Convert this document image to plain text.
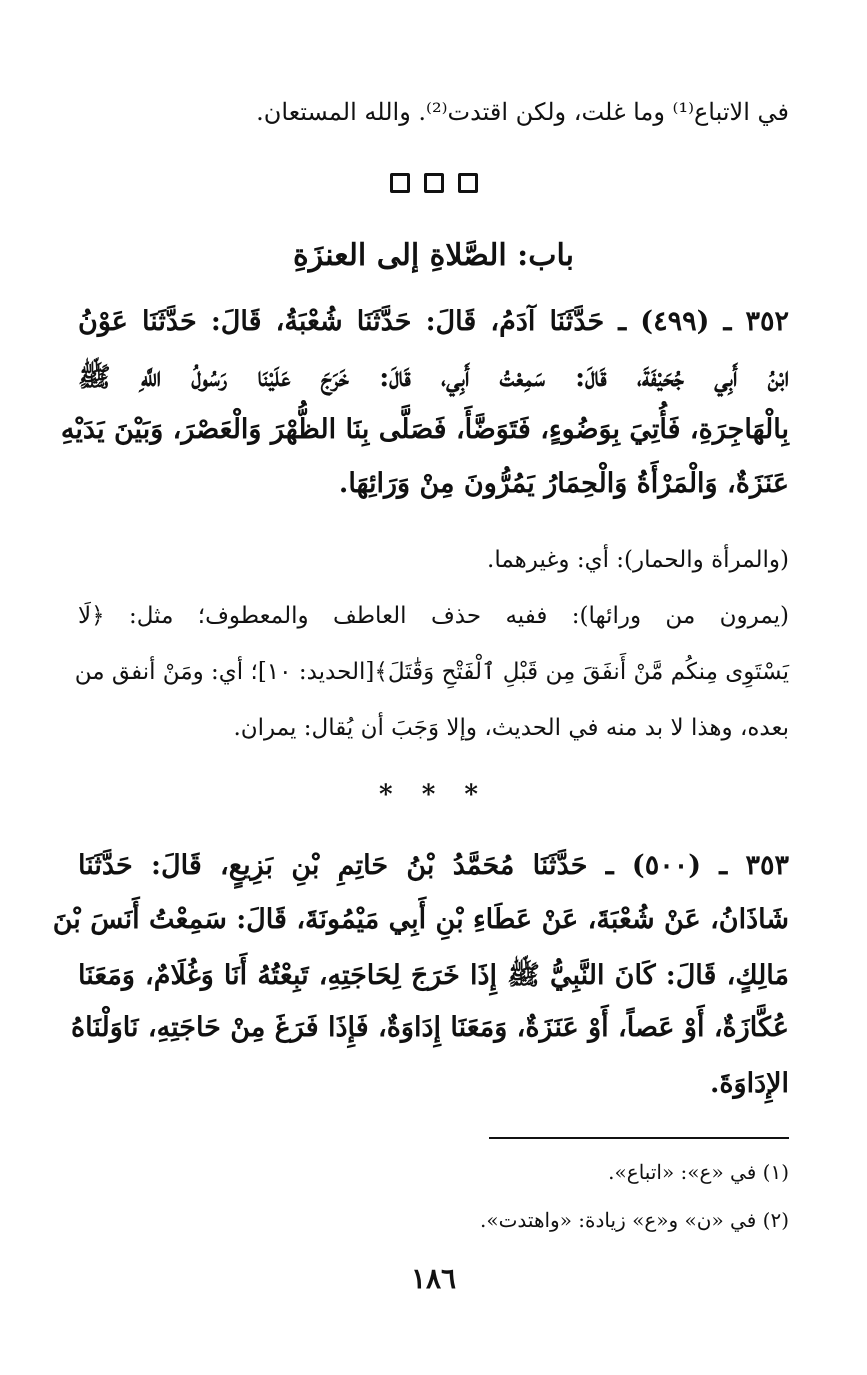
في الاتباع⁽¹⁾ وما غلت، ولكن اقتدت⁽²⁾. والله المستعان.
باب: الصَّلاةِ إلى العنزَةِ
٣٥٢ ـ (٤٩٩) ـ حَدَّثَنَا آدَمُ، قَالَ: حَدَّثَنَا شُعْبَةُ، قَالَ: حَدَّثَنَا عَوْنُ
ابْنُ أَبِي جُحَيْفَةَ، قَالَ: سَمِعْتُ أَبِي، قَالَ: خَرَجَ عَلَيْنَا رَسُولُ اللَّهِ ﷺ
بِالْهَاجِرَةِ، فَأُتِيَ بِوَضُوءٍ، فَتَوَضَّأَ، فَصَلَّى بِنَا الظُّهْرَ وَالْعَصْرَ، وَبَيْنَ يَدَيْهِ
عَنَزَةٌ، وَالْمَرْأَةُ وَالْحِمَارُ يَمُرُّونَ مِنْ وَرَائِهَا.
(والمرأة والحمار): أي: وغيرهما.
(يمرون من ورائها): ففيه حذف العاطف والمعطوف؛ مثل: ﴿لَا
يَسْتَوِى مِنكُم مَّنْ أَنفَقَ مِن قَبْلِ ٱلْفَتْحِ وَقَٰتَلَ﴾[الحديد: ١٠]؛ أي: ومَنْ أنفق من
بعده، وهذا لا بد منه في الحديث، وإلا وَجَبَ أن يُقال: يمران.
* * *
٣٥٣ ـ (٥٠٠) ـ حَدَّثَنَا مُحَمَّدُ بْنُ حَاتِمِ بْنِ بَزِيعٍ، قَالَ: حَدَّثَنَا
شَاذَانُ، عَنْ شُعْبَةَ، عَنْ عَطَاءِ بْنِ أَبِي مَيْمُونَةَ، قَالَ: سَمِعْتُ أَنَسَ بْنَ
مَالِكٍ، قَالَ: كَانَ النَّبِيُّ ﷺ إِذَا خَرَجَ لِحَاجَتِهِ، تَبِعْتُهُ أَنَا وَغُلَامٌ، وَمَعَنَا
عُكَّازَةٌ، أَوْ عَصاً، أَوْ عَنَزَةٌ، وَمَعَنَا إِدَاوَةٌ، فَإِذَا فَرَغَ مِنْ حَاجَتِهِ، نَاوَلْنَاهُ
الإِدَاوَةَ.
(١) في «ع»: «اتباع».
(٢) في «ن» و«ع» زيادة: «واهتدت».
١٨٦
